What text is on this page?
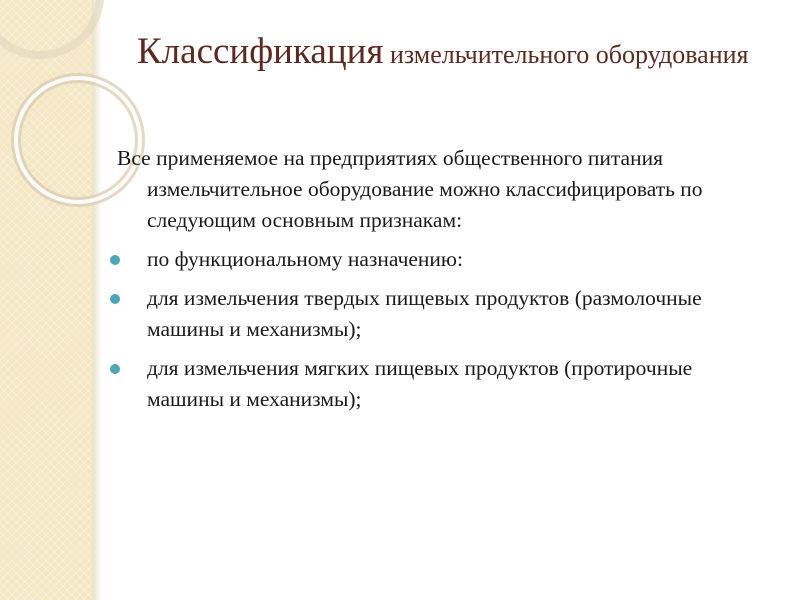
Классификация измельчительного оборудования

Все применяемое на предприятиях общественного питания измельчительное оборудование можно классифицировать по следующим основным признакам:

по функциональному назначению:
для измельчения твердых пищевых продуктов (размолочные машины и механизмы);
для измельчения мягких пищевых продуктов (протирочные машины и механизмы);
